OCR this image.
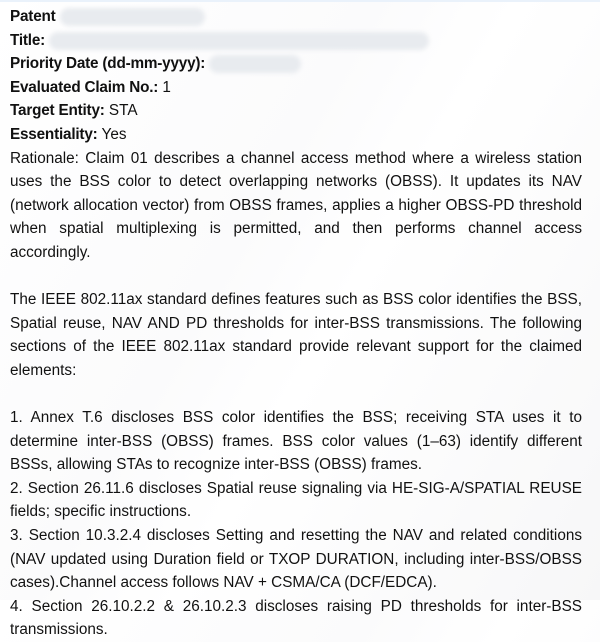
Patent
Title:
Priority Date (dd-mm-yyyy):
Evaluated Claim No.: 1
Target Entity: STA
Essentiality: Yes

Rationale: Claim 01 describes a channel access method where a wireless station uses the BSS color to detect overlapping networks (OBSS). It updates its NAV (network allocation vector) from OBSS frames, applies a higher OBSS-PD threshold when spatial multiplexing is permitted, and then performs channel access accordingly.

The IEEE 802.11ax standard defines features such as BSS color identifies the BSS, Spatial reuse, NAV AND PD thresholds for inter-BSS transmissions. The following sections of the IEEE 802.11ax standard provide relevant support for the claimed elements:

1. Annex T.6 discloses BSS color identifies the BSS; receiving STA uses it to determine inter-BSS (OBSS) frames. BSS color values (1–63) identify different BSSs, allowing STAs to recognize inter-BSS (OBSS) frames.

2. Section 26.11.6 discloses Spatial reuse signaling via HE-SIG-A/SPATIAL REUSE fields; specific instructions.

3. Section 10.3.2.4 discloses Setting and resetting the NAV and related conditions (NAV updated using Duration field or TXOP DURATION, including inter-BSS/OBSS cases).Channel access follows NAV + CSMA/CA (DCF/EDCA).

4. Section 26.10.2.2 & 26.10.2.3 discloses raising PD thresholds for inter-BSS transmissions.
